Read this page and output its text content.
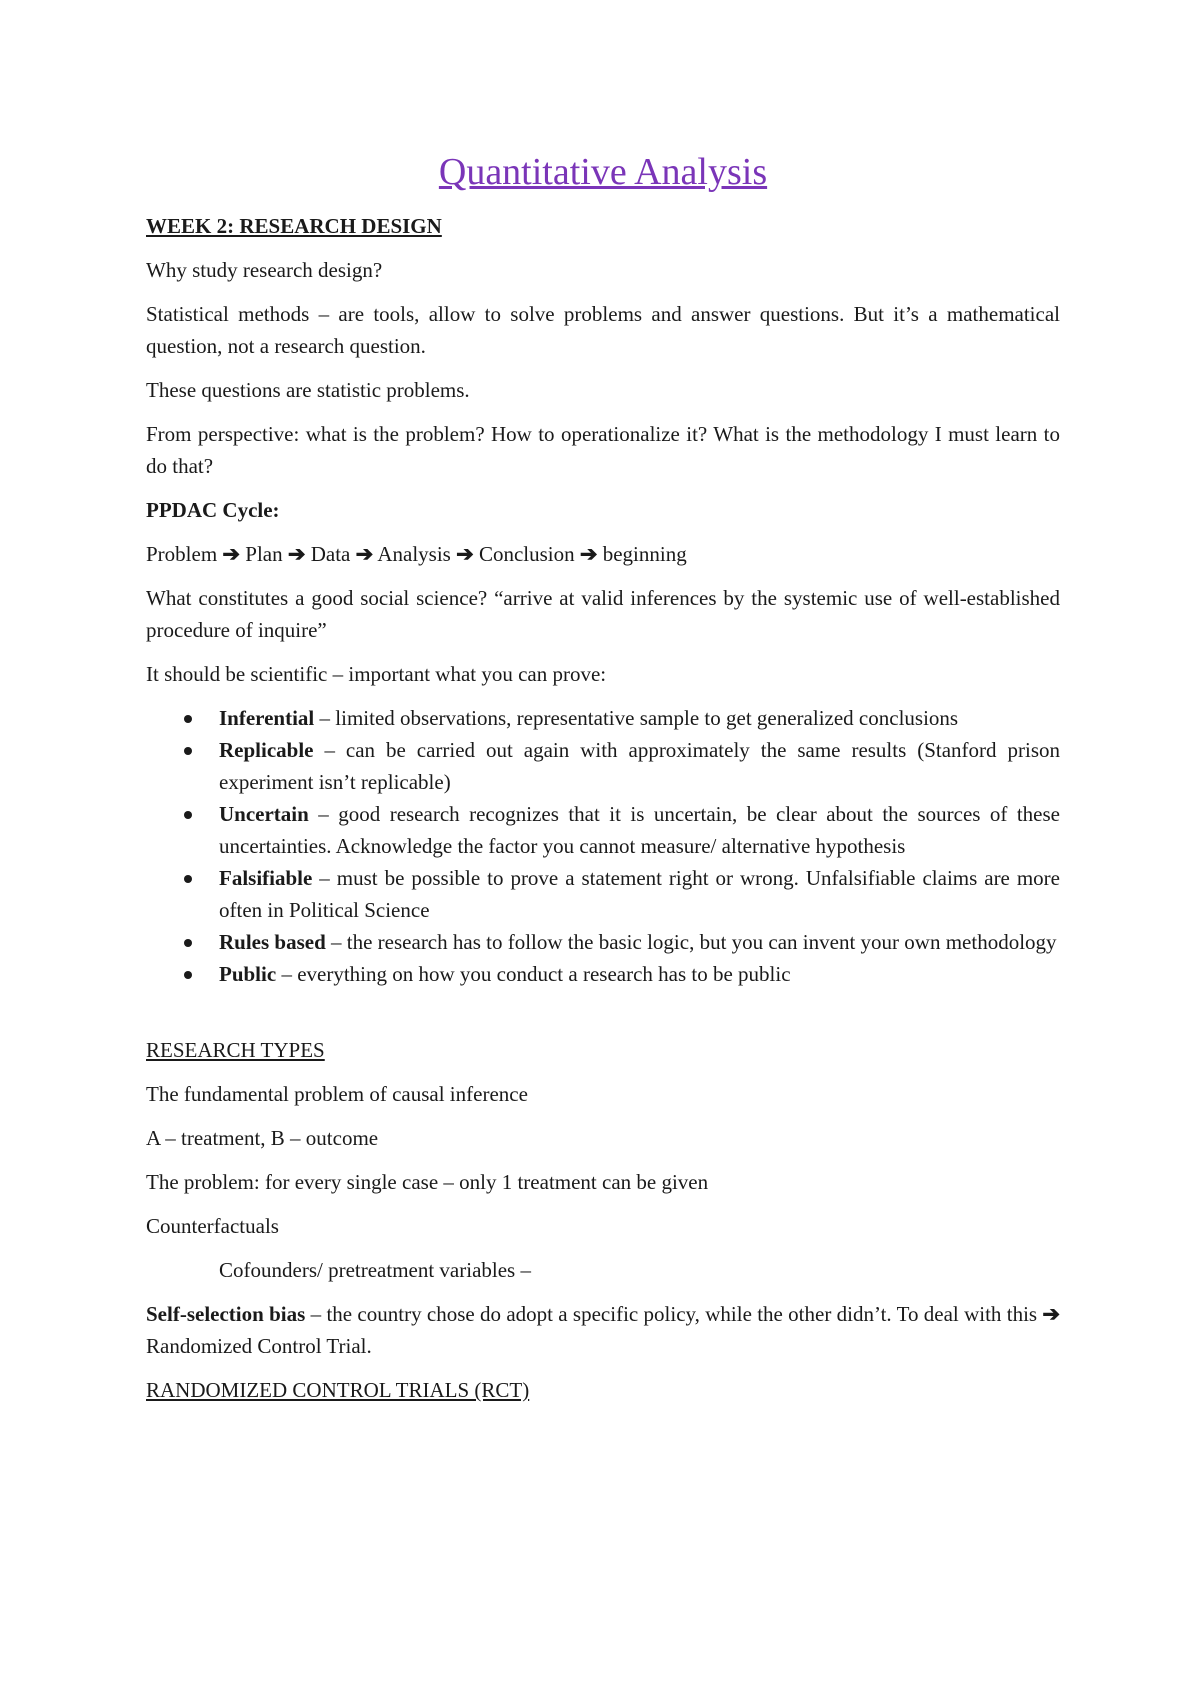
Quantitative Analysis

WEEK 2: RESEARCH DESIGN

Why study research design?

Statistical methods – are tools, allow to solve problems and answer questions. But it’s a mathematical question, not a research question.

These questions are statistic problems.

From perspective: what is the problem? How to operationalize it? What is the methodology I must learn to do that?

PPDAC Cycle:

Problem ➔ Plan ➔ Data ➔ Analysis ➔ Conclusion ➔ beginning

What constitutes a good social science? “arrive at valid inferences by the systemic use of well-established procedure of inquire”

It should be scientific – important what you can prove:

Inferential – limited observations, representative sample to get generalized conclusions
Replicable – can be carried out again with approximately the same results (Stanford prison experiment isn’t replicable)
Uncertain – good research recognizes that it is uncertain, be clear about the sources of these uncertainties. Acknowledge the factor you cannot measure/ alternative hypothesis
Falsifiable – must be possible to prove a statement right or wrong. Unfalsifiable claims are more often in Political Science
Rules based – the research has to follow the basic logic, but you can invent your own methodology
Public – everything on how you conduct a research has to be public

RESEARCH TYPES

The fundamental problem of causal inference

A – treatment, B – outcome

The problem: for every single case – only 1 treatment can be given

Counterfactuals

Cofounders/ pretreatment variables –

Self-selection bias – the country chose do adopt a specific policy, while the other didn’t. To deal with this ➔ Randomized Control Trial.

RANDOMIZED CONTROL TRIALS (RCT)
